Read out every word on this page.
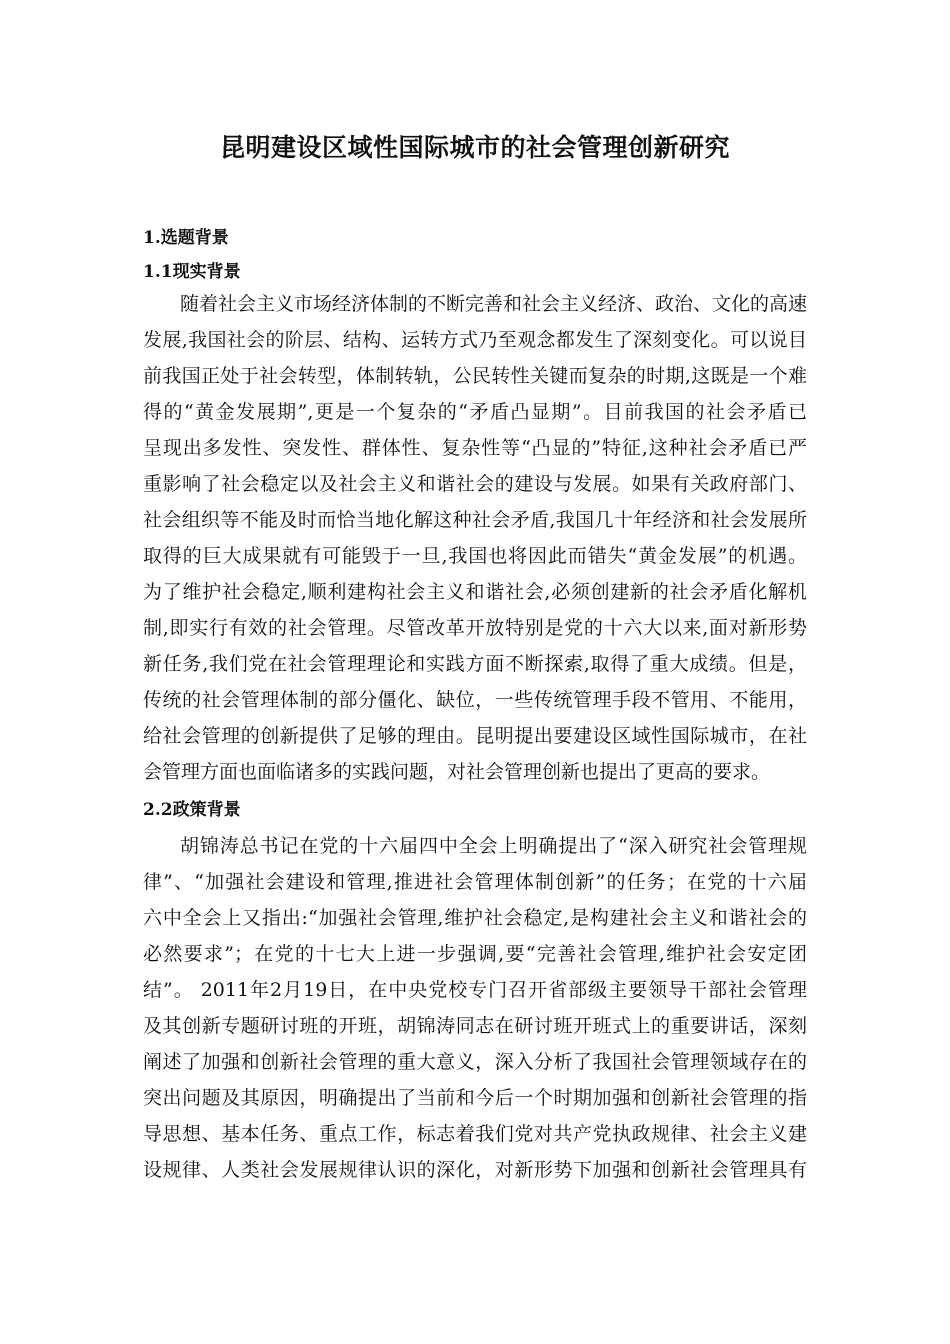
昆明建设区域性国际城市的社会管理创新研究
1.选题背景
1.1现实背景
随着社会主义市场经济体制的不断完善和社会主义经济、政治、文化的高速
发展,我国社会的阶层、结构、运转方式乃至观念都发生了深刻变化。可以说目
前我国正处于社会转型，体制转轨，公民转性关键而复杂的时期,这既是一个难
得的“黄金发展期”,更是一个复杂的“矛盾凸显期”。目前我国的社会矛盾已
呈现出多发性、突发性、群体性、复杂性等“凸显的”特征,这种社会矛盾已严
重影响了社会稳定以及社会主义和谐社会的建设与发展。如果有关政府部门、
社会组织等不能及时而恰当地化解这种社会矛盾,我国几十年经济和社会发展所
取得的巨大成果就有可能毁于一旦,我国也将因此而错失“黄金发展”的机遇。
为了维护社会稳定,顺利建构社会主义和谐社会,必须创建新的社会矛盾化解机
制,即实行有效的社会管理。尽管改革开放特别是党的十六大以来,面对新形势
新任务,我们党在社会管理理论和实践方面不断探索,取得了重大成绩。但是，
传统的社会管理体制的部分僵化、缺位，一些传统管理手段不管用、不能用，
给社会管理的创新提供了足够的理由。昆明提出要建设区域性国际城市，在社
会管理方面也面临诸多的实践问题，对社会管理创新也提出了更高的要求。
2.2政策背景
胡锦涛总书记在党的十六届四中全会上明确提出了“深入研究社会管理规
律”、“加强社会建设和管理,推进社会管理体制创新”的任务；在党的十六届
六中全会上又指出:“加强社会管理,维护社会稳定,是构建社会主义和谐社会的
必然要求”；在党的十七大上进一步强调,要“完善社会管理,维护社会安定团
结”。 2011年2月19日，在中央党校专门召开省部级主要领导干部社会管理
及其创新专题研讨班的开班，胡锦涛同志在研讨班开班式上的重要讲话，深刻
阐述了加强和创新社会管理的重大意义，深入分析了我国社会管理领域存在的
突出问题及其原因，明确提出了当前和今后一个时期加强和创新社会管理的指
导思想、基本任务、重点工作，标志着我们党对共产党执政规律、社会主义建
设规律、人类社会发展规律认识的深化，对新形势下加强和创新社会管理具有
